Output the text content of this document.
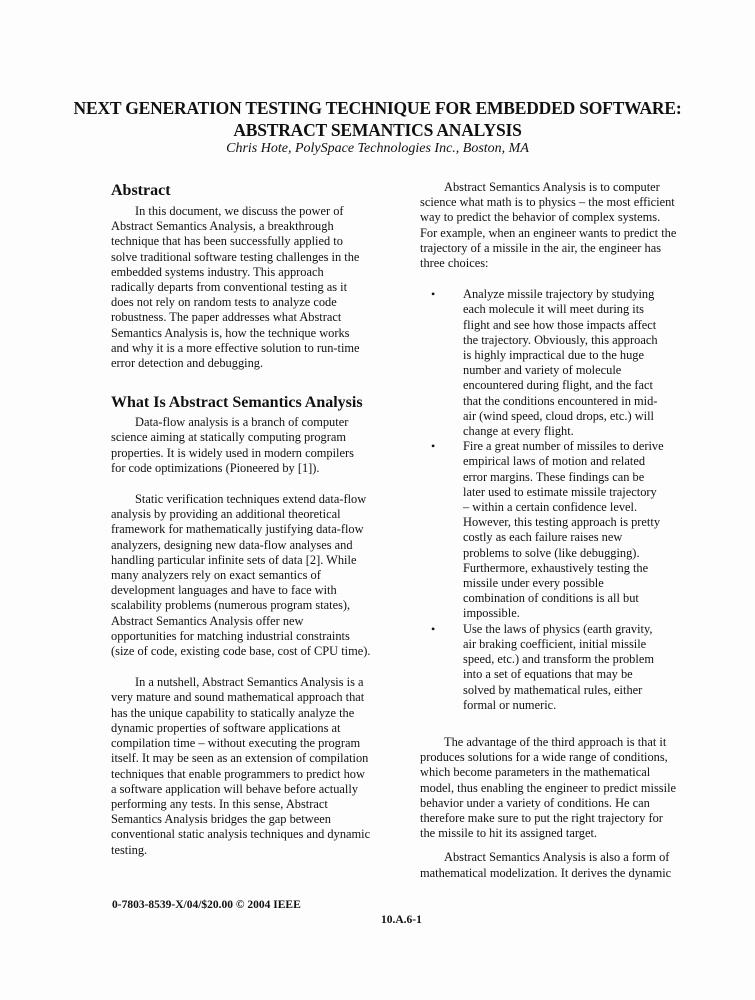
NEXT GENERATION TESTING TECHNIQUE FOR EMBEDDED SOFTWARE:
ABSTRACT SEMANTICS ANALYSIS
Chris Hote, PolySpace Technologies Inc., Boston, MA
Abstract
In this document, we discuss the power of
Abstract Semantics Analysis, a breakthrough
technique that has been successfully applied to
solve traditional software testing challenges in the
embedded systems industry. This approach
radically departs from conventional testing as it
does not rely on random tests to analyze code
robustness. The paper addresses what Abstract
Semantics Analysis is, how the technique works
and why it is a more effective solution to run-time
error detection and debugging.
What Is Abstract Semantics Analysis
Data-flow analysis is a branch of computer
science aiming at statically computing program
properties. It is widely used in modern compilers
for code optimizations (Pioneered by [1]).
Static verification techniques extend data-flow
analysis by providing an additional theoretical
framework for mathematically justifying data-flow
analyzers, designing new data-flow analyses and
handling particular infinite sets of data [2]. While
many analyzers rely on exact semantics of
development languages and have to face with
scalability problems (numerous program states),
Abstract Semantics Analysis offer new
opportunities for matching industrial constraints
(size of code, existing code base, cost of CPU time).
In a nutshell, Abstract Semantics Analysis is a
very mature and sound mathematical approach that
has the unique capability to statically analyze the
dynamic properties of software applications at
compilation time – without executing the program
itself. It may be seen as an extension of compilation
techniques that enable programmers to predict how
a software application will behave before actually
performing any tests. In this sense, Abstract
Semantics Analysis bridges the gap between
conventional static analysis techniques and dynamic
testing.
Abstract Semantics Analysis is to computer
science what math is to physics – the most efficient
way to predict the behavior of complex systems.
For example, when an engineer wants to predict the
trajectory of a missile in the air, the engineer has
three choices:
• Analyze missile trajectory by studying
each molecule it will meet during its
flight and see how those impacts affect
the trajectory. Obviously, this approach
is highly impractical due to the huge
number and variety of molecule
encountered during flight, and the fact
that the conditions encountered in mid-
air (wind speed, cloud drops, etc.) will
change at every flight.
• Fire a great number of missiles to derive
empirical laws of motion and related
error margins. These findings can be
later used to estimate missile trajectory
– within a certain confidence level.
However, this testing approach is pretty
costly as each failure raises new
problems to solve (like debugging).
Furthermore, exhaustively testing the
missile under every possible
combination of conditions is all but
impossible.
• Use the laws of physics (earth gravity,
air braking coefficient, initial missile
speed, etc.) and transform the problem
into a set of equations that may be
solved by mathematical rules, either
formal or numeric.
The advantage of the third approach is that it
produces solutions for a wide range of conditions,
which become parameters in the mathematical
model, thus enabling the engineer to predict missile
behavior under a variety of conditions. He can
therefore make sure to put the right trajectory for
the missile to hit its assigned target.
Abstract Semantics Analysis is also a form of
mathematical modelization. It derives the dynamic
0-7803-8539-X/04/$20.00 © 2004 IEEE
10.A.6-1
